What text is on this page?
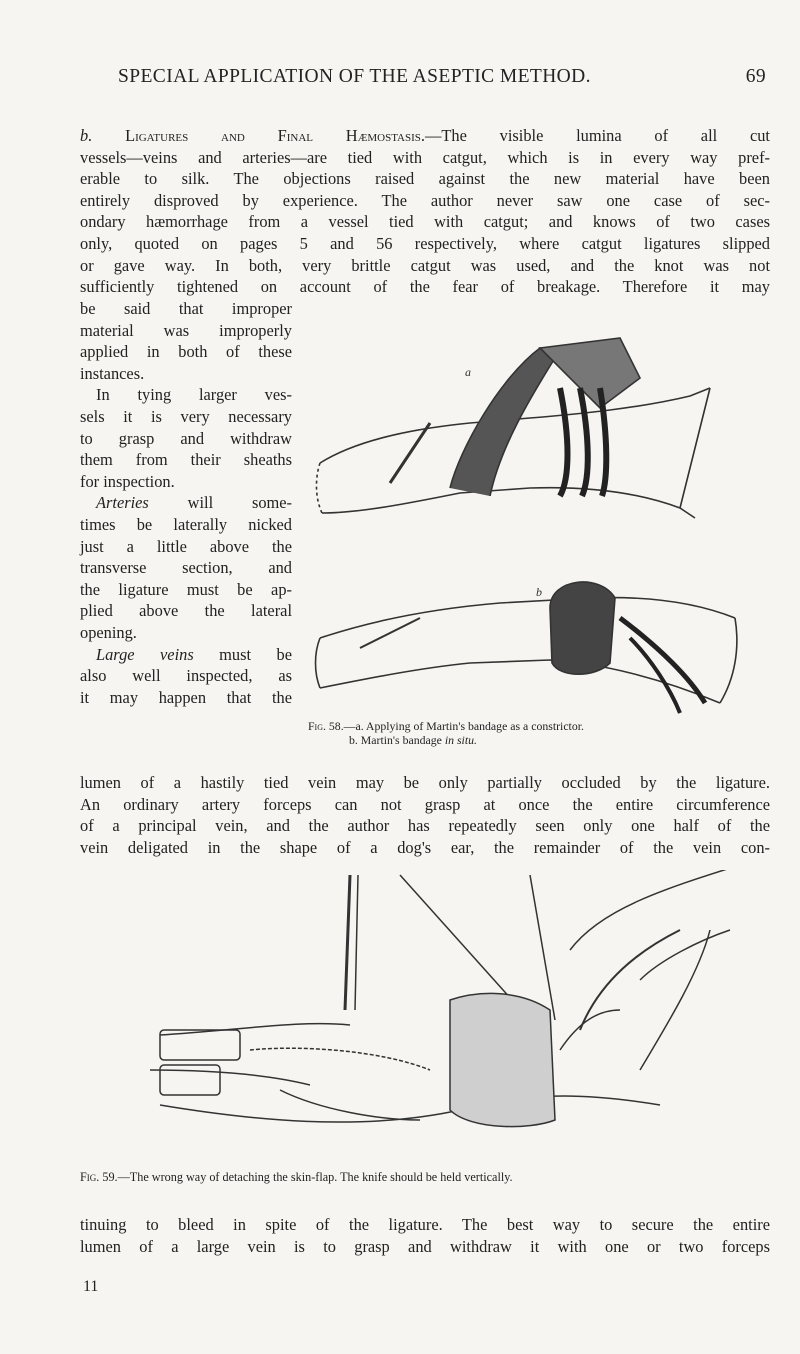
SPECIAL APPLICATION OF THE ASEPTIC METHOD.	69
b. Ligatures and Final Hæmostasis.—The visible lumina of all cut
vessels—veins and arteries—are tied with catgut, which is in every way pref-
erable to silk. The objections raised against the new material have been
entirely disproved by experience. The author never saw one case of sec-
ondary hæmorrhage from a vessel tied with catgut; and knows of two cases
only, quoted on pages 5 and 56 respectively, where catgut ligatures slipped
or gave way. In both, very brittle catgut was used, and the knot was not
sufficiently tightened on account of the fear of breakage. Therefore it may
be said that improper
material was improperly
applied in both of these
instances.
In tying larger ves-
sels it is very necessary
to grasp and withdraw
them from their sheaths
for inspection.
Arteries will some-
times be laterally nicked
just a little above the
transverse section, and
the ligature must be ap-
plied above the lateral
opening.
Large veins must be
also well inspected, as
it may happen that the
a
b
Fig. 58.—a. Applying of Martin's bandage as a constrictor.
b. Martin's bandage in situ.
lumen of a hastily tied vein may be only partially occluded by the ligature.
An ordinary artery forceps can not grasp at once the entire circumference
of a principal vein, and the author has repeatedly seen only one half of the
vein deligated in the shape of a dog's ear, the remainder of the vein con-
Fig. 59.—The wrong way of detaching the skin-flap. The knife should be held vertically.
tinuing to bleed in spite of the ligature. The best way to secure the entire
lumen of a large vein is to grasp and withdraw it with one or two forceps
11
